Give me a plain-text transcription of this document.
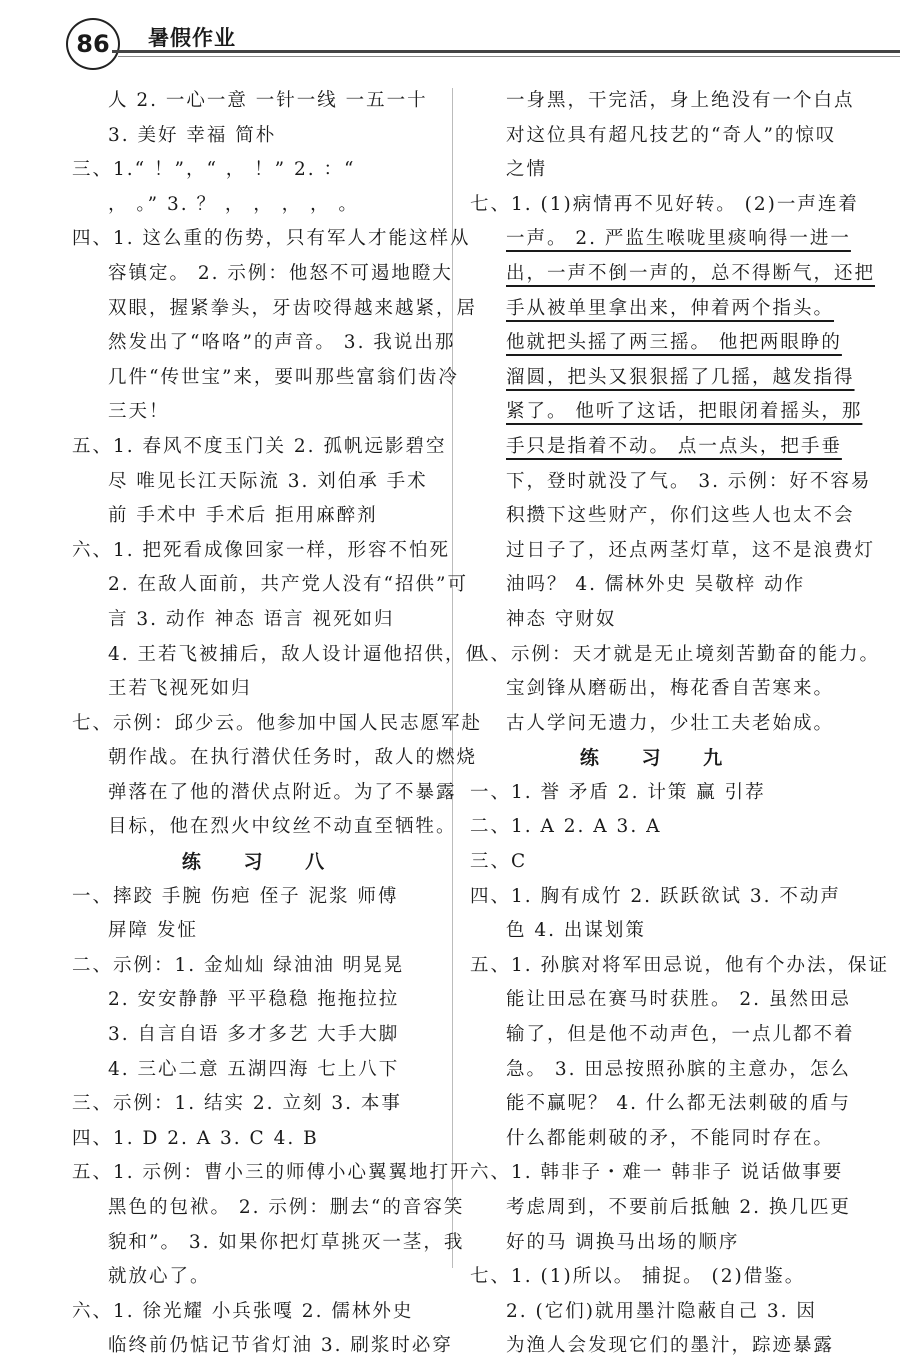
86	暑假作业
人 2. 一心一意 一针一线 一五一十
3. 美好 幸福 简朴
三、1.“ ！”，“ ， ！” 2. ：“
， 。” 3. ？ ， ， ， ， 。
四、1. 这么重的伤势，只有军人才能这样从
容镇定。 2. 示例：他怒不可遏地瞪大
双眼，握紧拳头，牙齿咬得越来越紧，居
然发出了“咯咯”的声音。 3. 我说出那
几件“传世宝”来，要叫那些富翁们齿冷
三天！
五、1. 春风不度玉门关 2. 孤帆远影碧空
尽 唯见长江天际流 3. 刘伯承 手术
前 手术中 手术后 拒用麻醉剂
六、1. 把死看成像回家一样，形容不怕死
2. 在敌人面前，共产党人没有“招供”可
言 3. 动作 神态 语言 视死如归
4. 王若飞被捕后，敌人设计逼他招供，但
王若飞视死如归
七、示例：邱少云。他参加中国人民志愿军赴
朝作战。在执行潜伏任务时，敌人的燃烧
弹落在了他的潜伏点附近。为了不暴露
目标，他在烈火中纹丝不动直至牺牲。
练 习 八
一、摔跤 手腕 伤疤 侄子 泥浆 师傅
屏障 发怔
二、示例：1. 金灿灿 绿油油 明晃晃
2. 安安静静 平平稳稳 拖拖拉拉
3. 自言自语 多才多艺 大手大脚
4. 三心二意 五湖四海 七上八下
三、示例：1. 结实 2. 立刻 3. 本事
四、1. D 2. A 3. C 4. B
五、1. 示例：曹小三的师傅小心翼翼地打开
黑色的包袱。 2. 示例：删去“的音容笑
貌和”。 3. 如果你把灯草挑灭一茎，我
就放心了。
六、1. 徐光耀 小兵张嘎 2. 儒林外史
临终前仍惦记节省灯油 3. 刷浆时必穿
一身黑，干完活，身上绝没有一个白点
对这位具有超凡技艺的“奇人”的惊叹
之情
七、1. (1)病情再不见好转。 (2)一声连着
一声。 2. 严监生喉咙里痰响得一进一
出，一声不倒一声的，总不得断气，还把
手从被单里拿出来，伸着两个指头。
他就把头摇了两三摇。 他把两眼睁的
溜圆，把头又狠狠摇了几摇，越发指得
紧了。 他听了这话，把眼闭着摇头，那
手只是指着不动。 点一点头，把手垂
下，登时就没了气。 3. 示例：好不容易
积攒下这些财产，你们这些人也太不会
过日子了，还点两茎灯草，这不是浪费灯
油吗？ 4. 儒林外史 吴敬梓 动作
神态 守财奴
八、示例：天才就是无止境刻苦勤奋的能力。
宝剑锋从磨砺出，梅花香自苦寒来。
古人学问无遗力，少壮工夫老始成。
练 习 九
一、1. 誉 矛盾 2. 计策 赢 引荐
二、1. A 2. A 3. A
三、C
四、1. 胸有成竹 2. 跃跃欲试 3. 不动声
色 4. 出谋划策
五、1. 孙膑对将军田忌说，他有个办法，保证
能让田忌在赛马时获胜。 2. 虽然田忌
输了，但是他不动声色，一点儿都不着
急。 3. 田忌按照孙膑的主意办，怎么
能不赢呢？ 4. 什么都无法刺破的盾与
什么都能刺破的矛，不能同时存在。
六、1. 韩非子・难一 韩非子 说话做事要
考虑周到，不要前后抵触 2. 换几匹更
好的马 调换马出场的顺序
七、1. (1)所以。 捕捉。 (2)借鉴。
2. (它们)就用墨汁隐蔽自己 3. 因
为渔人会发现它们的墨汁，踪迹暴露
